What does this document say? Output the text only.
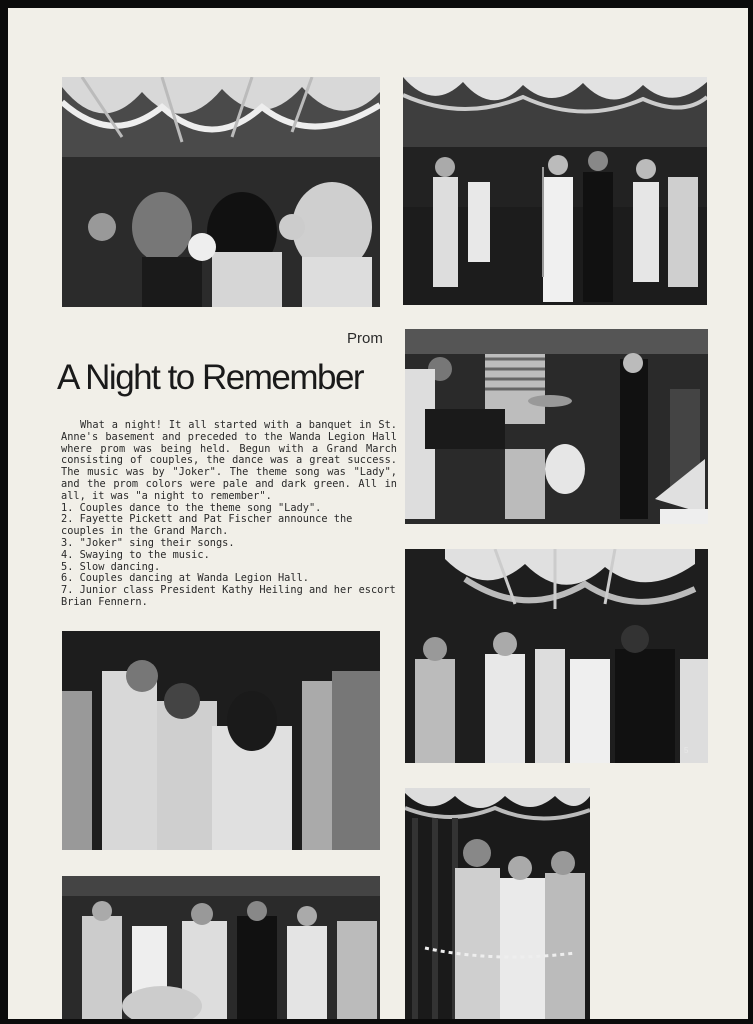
Prom
A Night to Remember

What a night! It all started with a banquet in St. Anne's basement and preceded to the Wanda Legion Hall where prom was being held. Begun with a Grand March consisting of couples, the dance was a great success. The music was by "Joker". The theme song was "Lady", and the prom colors were pale and dark green. All in all, it was "a night to remember".

1. Couples dance to the theme song "Lady".
2. Fayette Pickett and Pat Fischer announce the couples in the Grand March.
3. "Joker" sing their songs.
4. Swaying to the music.
5. Slow dancing.
6. Couples dancing at Wanda Legion Hall.
7. Junior class President Kathy Heiling and her escort Brian Fennern.
5
